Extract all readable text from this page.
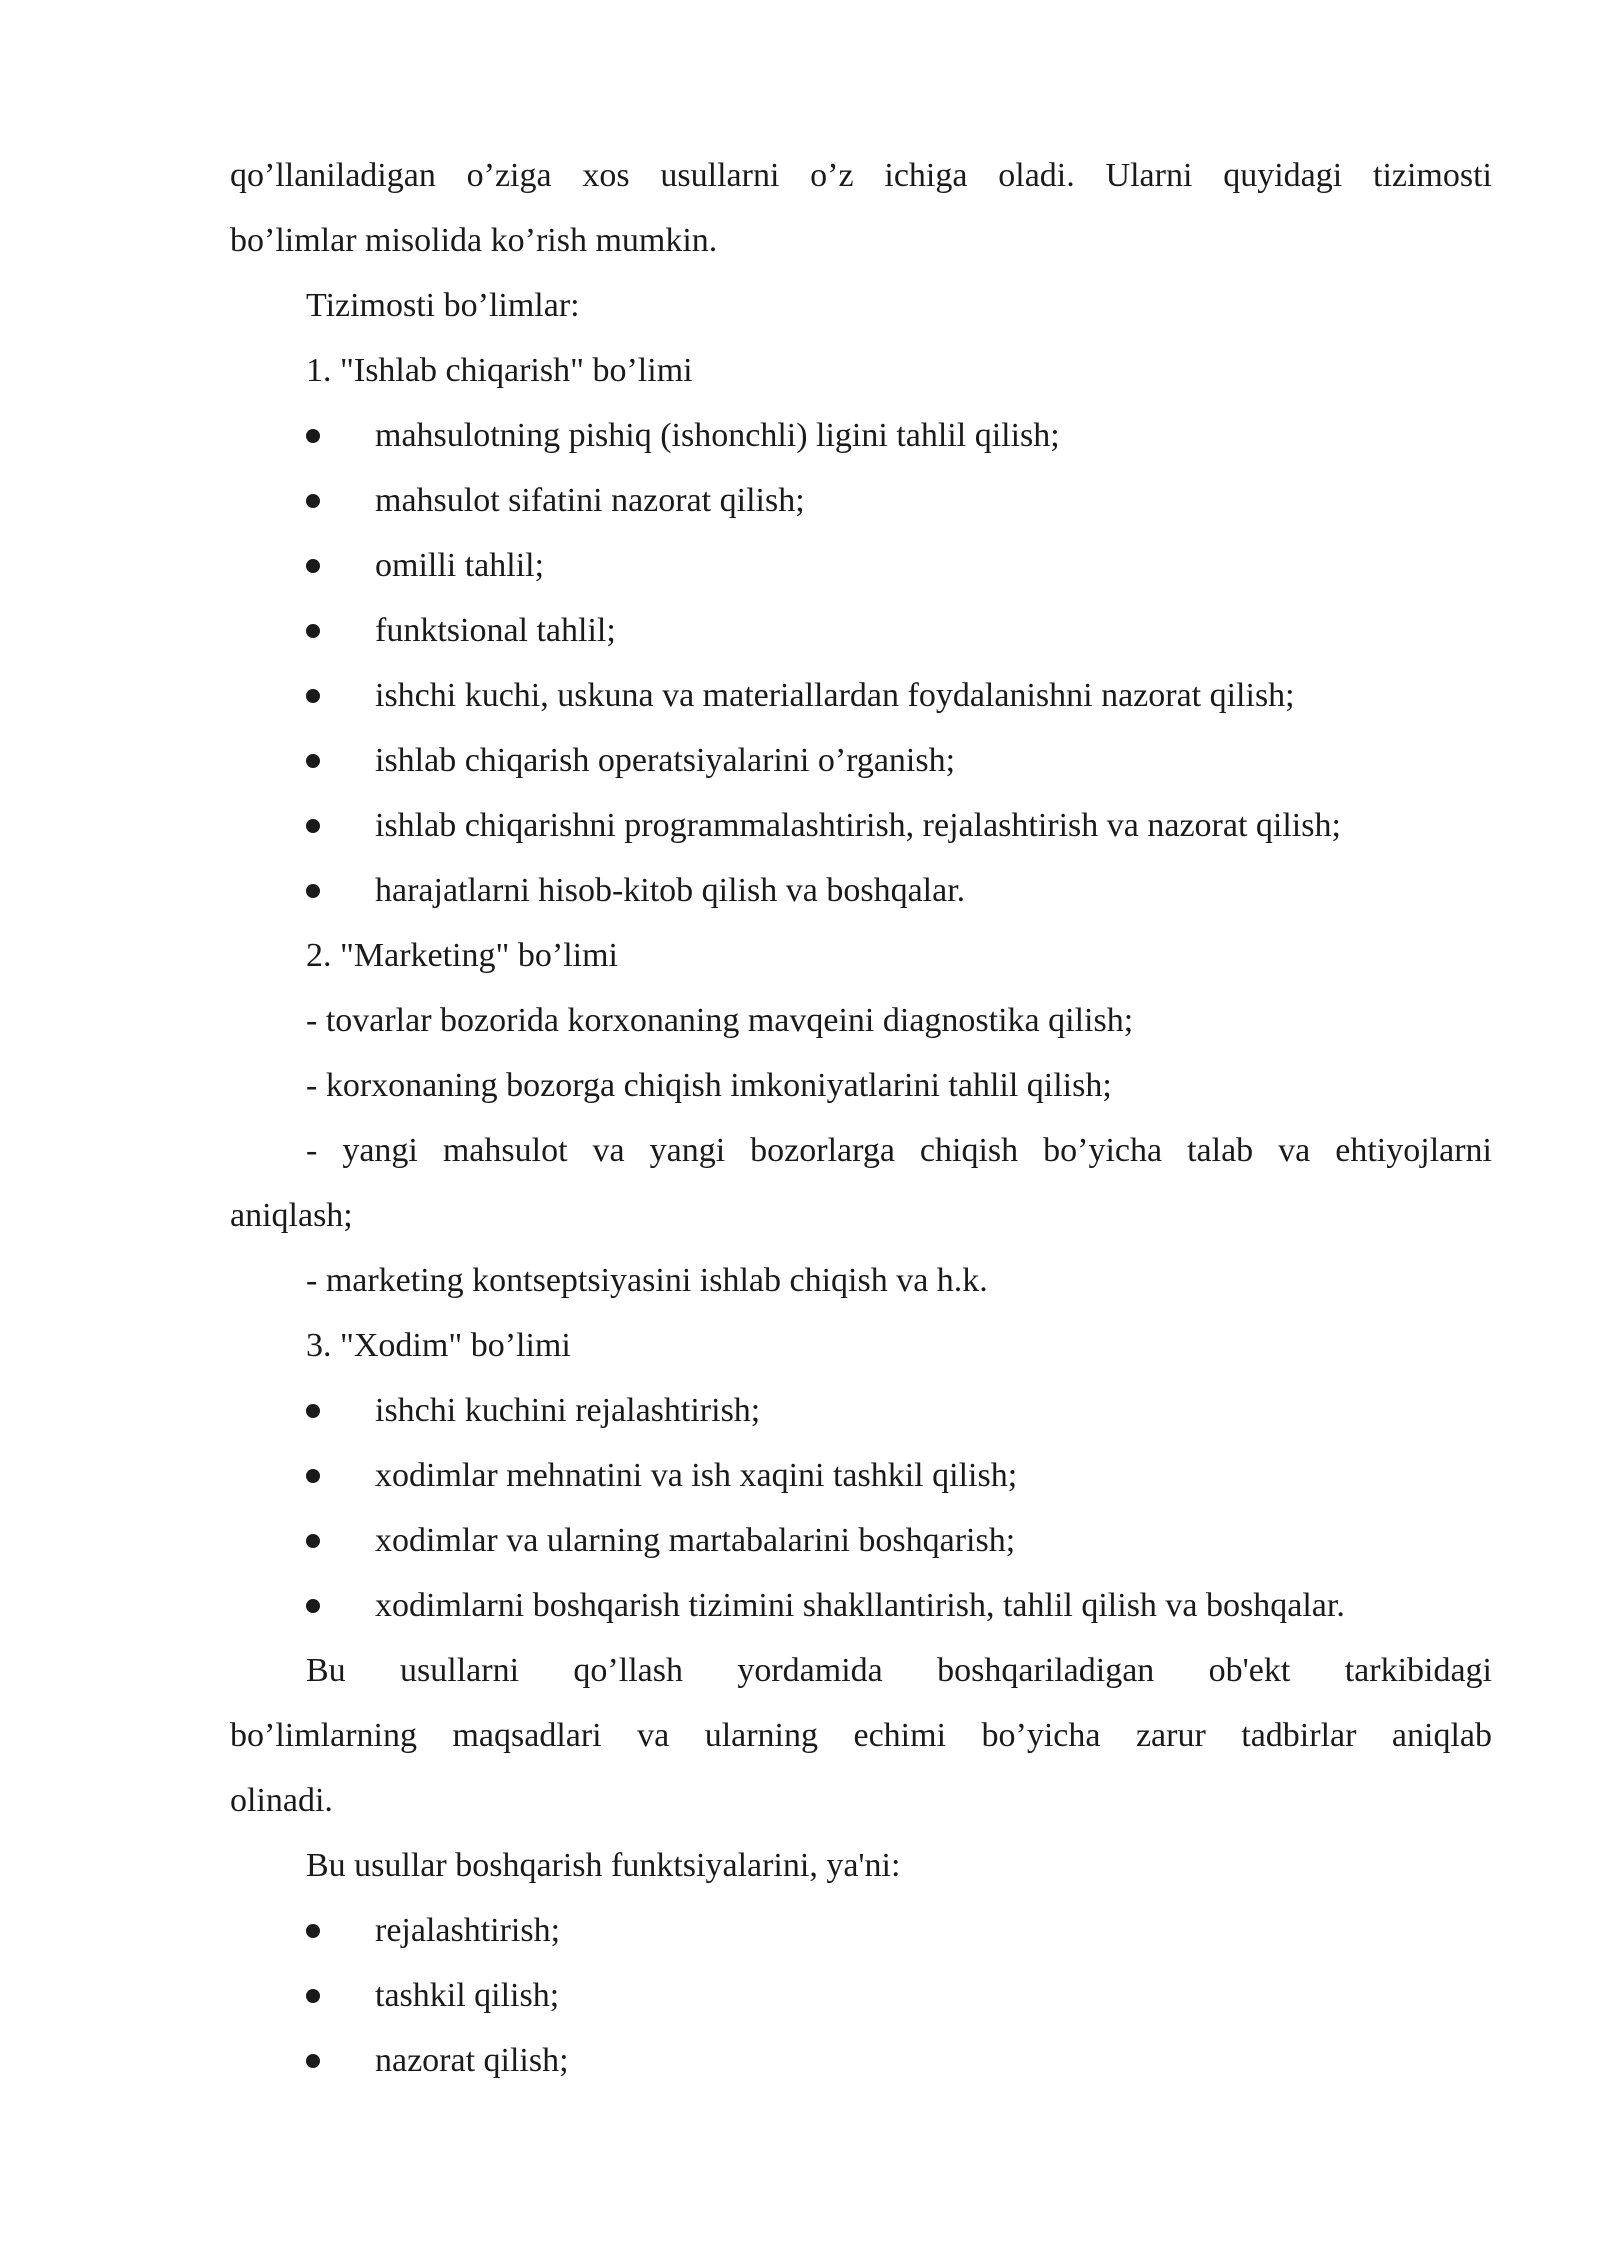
qo’llaniladigan o’ziga xos usullarni o’z ichiga oladi. Ularni quyidagi tizimosti
bo’limlar misolida ko’rish mumkin.
Tizimosti bo’limlar:
1. "Ishlab chiqarish" bo’limi
mahsulotning pishiq (ishonchli) ligini tahlil qilish;
mahsulot sifatini nazorat qilish;
omilli tahlil;
funktsional tahlil;
ishchi kuchi, uskuna va materiallardan foydalanishni nazorat qilish;
ishlab chiqarish operatsiyalarini o’rganish;
ishlab chiqarishni programmalashtirish, rejalashtirish va nazorat qilish;
harajatlarni hisob-kitob qilish va boshqalar.
2. "Marketing" bo’limi
- tovarlar bozorida korxonaning mavqeini diagnostika qilish;
- korxonaning bozorga chiqish imkoniyatlarini tahlil qilish;
- yangi mahsulot va yangi bozorlarga chiqish bo’yicha talab va ehtiyojlarni
aniqlash;
- marketing kontseptsiyasini ishlab chiqish va h.k.
3. "Xodim" bo’limi
ishchi kuchini rejalashtirish;
xodimlar mehnatini va ish xaqini tashkil qilish;
xodimlar va ularning martabalarini boshqarish;
xodimlarni boshqarish tizimini shakllantirish, tahlil qilish va boshqalar.
Bu usullarni qo’llash yordamida boshqariladigan ob'ekt tarkibidagi
bo’limlarning maqsadlari va ularning echimi bo’yicha zarur tadbirlar aniqlab
olinadi.
Bu usullar boshqarish funktsiyalarini, ya'ni:
rejalashtirish;
tashkil qilish;
nazorat qilish;
